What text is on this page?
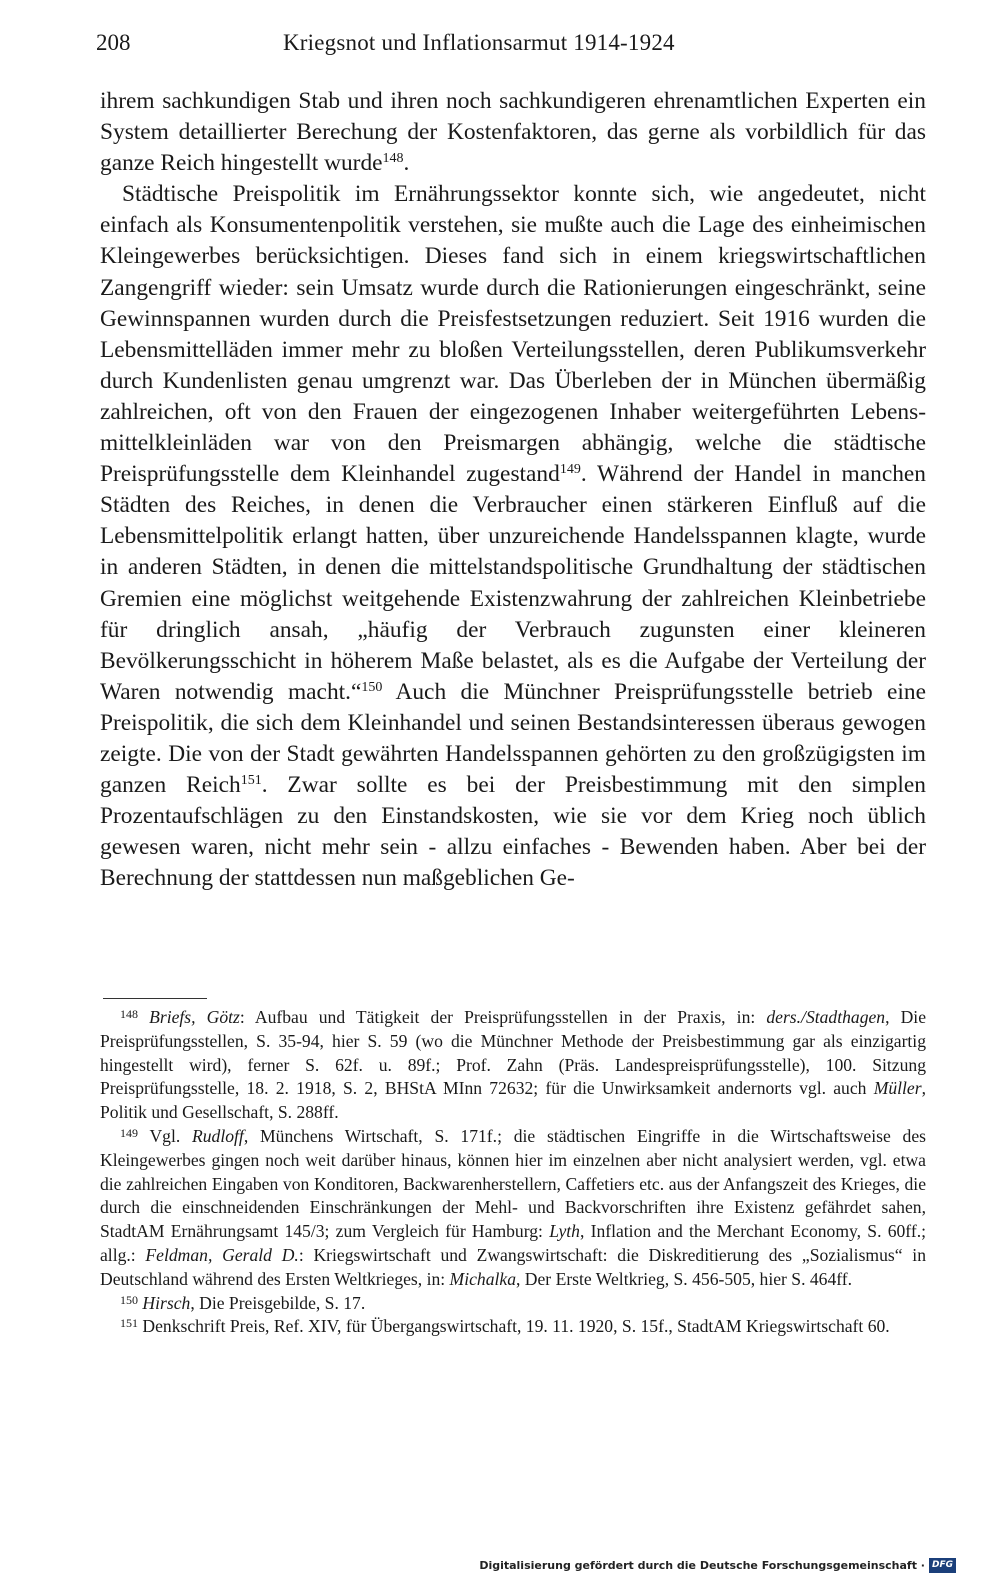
208	Kriegsnot und Inflationsarmut 1914-1924

ihrem sachkundigen Stab und ihren noch sachkundigeren ehrenamtlichen Experten ein System detaillierter Berechung der Kostenfaktoren, das gerne als vorbildlich für das ganze Reich hingestellt wurde$^{148}$.

Städtische Preispolitik im Ernährungssektor konnte sich, wie angedeutet, nicht einfach als Konsumentenpolitik verstehen, sie mußte auch die Lage des einheimischen Kleingewerbes berücksichtigen. Dieses fand sich in einem kriegswirtschaftlichen Zangengriff wieder: sein Umsatz wurde durch die Rationierungen eingeschränkt, seine Gewinnspannen wurden durch die Preisfestsetzungen reduziert. Seit 1916 wurden die Lebensmittelläden immer mehr zu bloßen Verteilungsstellen, deren Publikumsverkehr durch Kundenlisten genau umgrenzt war. Das Überleben der in München übermäßig zahlreichen, oft von den Frauen der eingezogenen Inhaber weitergeführten Lebensmittelkleinläden war von den Preismargen abhängig, welche die städtische Preisprüfungsstelle dem Kleinhandel zugestand$^{149}$. Während der Handel in manchen Städten des Reiches, in denen die Verbraucher einen stärkeren Einfluß auf die Lebensmittelpolitik erlangt hatten, über unzureichende Handelsspannen klagte, wurde in anderen Städten, in denen die mittelstandspolitische Grundhaltung der städtischen Gremien eine möglichst weitgehende Existenzwahrung der zahlreichen Kleinbetriebe für dringlich ansah, „häufig der Verbrauch zugunsten einer kleineren Bevölkerungsschicht in höherem Maße belastet, als es die Aufgabe der Verteilung der Waren notwendig macht.“$^{150}$ Auch die Münchner Preisprüfungsstelle betrieb eine Preispolitik, die sich dem Kleinhandel und seinen Bestandsinteressen überaus gewogen zeigte. Die von der Stadt gewährten Handelsspannen gehörten zu den großzügigsten im ganzen Reich$^{151}$. Zwar sollte es bei der Preisbestimmung mit den simplen Prozentaufschlägen zu den Einstandskosten, wie sie vor dem Krieg noch üblich gewesen waren, nicht mehr sein - allzu einfaches - Bewenden haben. Aber bei der Berechnung der stattdessen nun maßgeblichen Ge-

$^{148}$ Briefs, Götz: Aufbau und Tätigkeit der Preisprüfungsstellen in der Praxis, in: ders./Stadthagen, Die Preisprüfungsstellen, S. 35-94, hier S. 59 (wo die Münchner Methode der Preisbestimmung gar als einzigartig hingestellt wird), ferner S. 62f. u. 89f.; Prof. Zahn (Präs. Landespreisprüfungsstelle), 100. Sitzung Preisprüfungsstelle, 18. 2. 1918, S. 2, BHStA MInn 72632; für die Unwirksamkeit andernorts vgl. auch Müller, Politik und Gesellschaft, S. 288ff.

$^{149}$ Vgl. Rudloff, Münchens Wirtschaft, S. 171f.; die städtischen Eingriffe in die Wirtschaftsweise des Kleingewerbes gingen noch weit darüber hinaus, können hier im einzelnen aber nicht analysiert werden, vgl. etwa die zahlreichen Eingaben von Konditoren, Backwarenherstellern, Caffetiers etc. aus der Anfangszeit des Krieges, die durch die einschneidenden Einschränkungen der Mehl- und Backvorschriften ihre Existenz gefährdet sahen, StadtAM Ernährungsamt 145/3; zum Vergleich für Hamburg: Lyth, Inflation and the Merchant Economy, S. 60ff.; allg.: Feldman, Gerald D.: Kriegswirtschaft und Zwangswirtschaft: die Diskreditierung des „Sozialismus“ in Deutschland während des Ersten Weltkrieges, in: Michalka, Der Erste Weltkrieg, S. 456-505, hier S. 464ff.

$^{150}$ Hirsch, Die Preisgebilde, S. 17.

$^{151}$ Denkschrift Preis, Ref. XIV, für Übergangswirtschaft, 19. 11. 1920, S. 15f., StadtAM Kriegswirtschaft 60.

Digitalisierung gefördert durch die Deutsche Forschungsgemeinschaft · DFG
